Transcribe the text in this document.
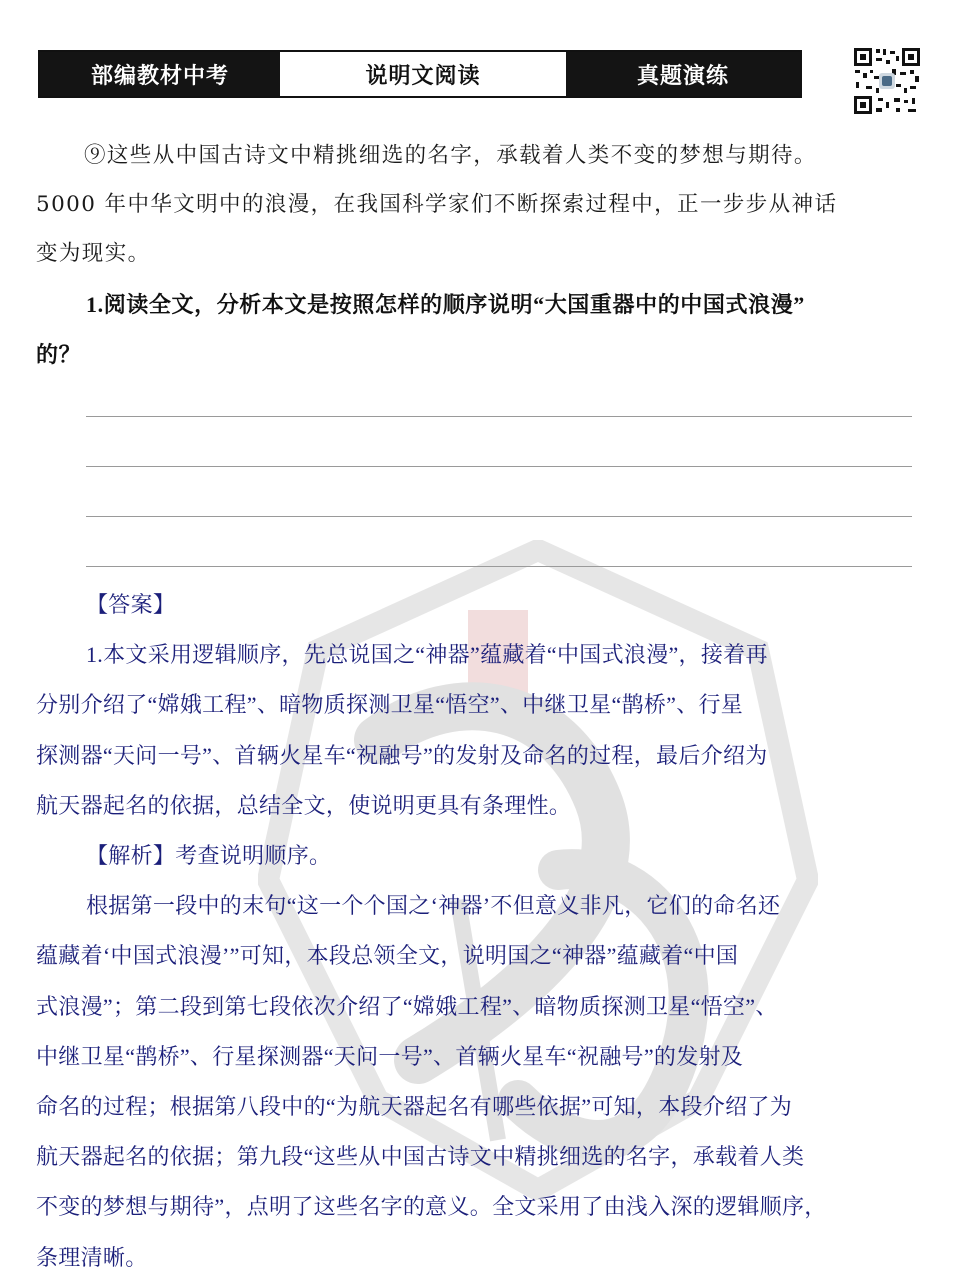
部编教材中考	说明文阅读	真题演练
⑨这些从中国古诗文中精挑细选的名字，承载着人类不变的梦想与期待。
5000 年中华文明中的浪漫，在我国科学家们不断探索过程中，正一步步从神话
变为现实。
1.阅读全文，分析本文是按照怎样的顺序说明“大国重器中的中国式浪漫”
的？
【答案】
1.本文采用逻辑顺序，先总说国之“神器”蕴藏着“中国式浪漫”，接着再
分别介绍了“嫦娥工程”、暗物质探测卫星“悟空”、中继卫星“鹊桥”、行星
探测器“天问一号”、首辆火星车“祝融号”的发射及命名的过程，最后介绍为
航天器起名的依据，总结全文，使说明更具有条理性。
【解析】考查说明顺序。
根据第一段中的末句“这一个个国之‘神器’不但意义非凡，它们的命名还
蕴藏着‘中国式浪漫’”可知，本段总领全文，说明国之“神器”蕴藏着“中国
式浪漫”；第二段到第七段依次介绍了“嫦娥工程”、暗物质探测卫星“悟空”、
中继卫星“鹊桥”、行星探测器“天问一号”、首辆火星车“祝融号”的发射及
命名的过程；根据第八段中的“为航天器起名有哪些依据”可知，本段介绍了为
航天器起名的依据；第九段“这些从中国古诗文中精挑细选的名字，承载着人类
不变的梦想与期待”，点明了这些名字的意义。全文采用了由浅入深的逻辑顺序，
条理清晰。
